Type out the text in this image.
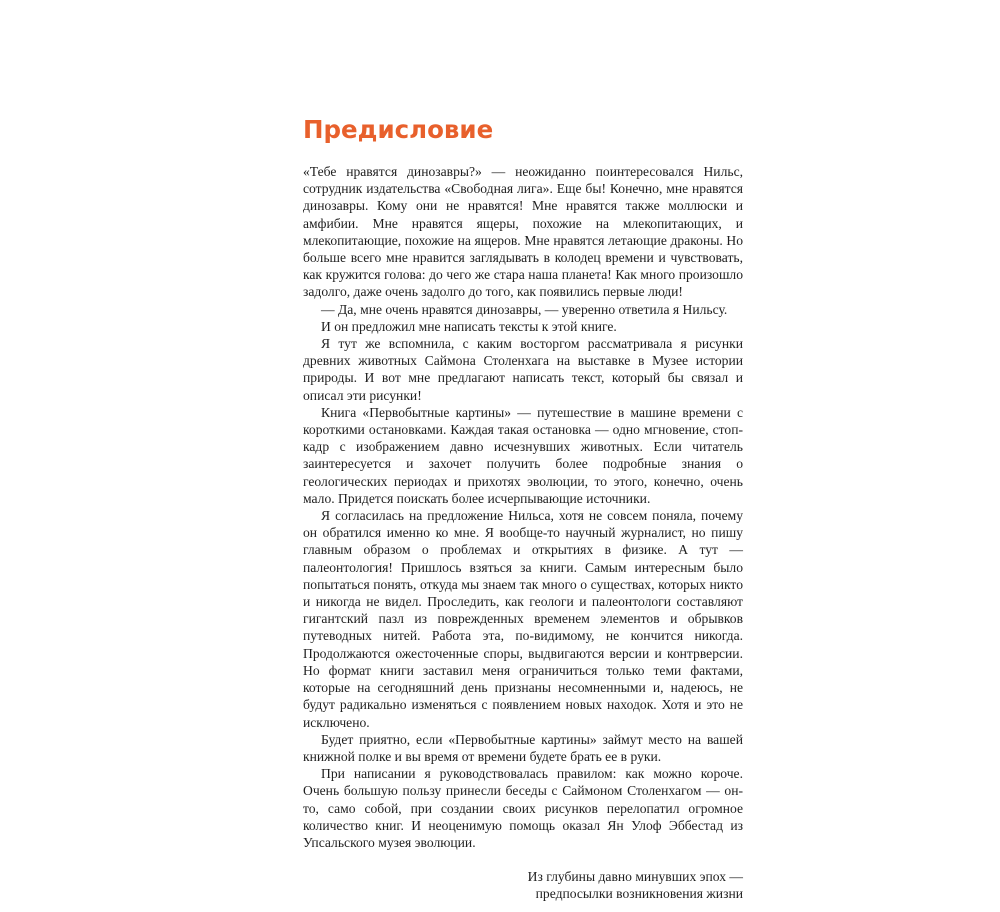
Предисловие

«Тебе нравятся динозавры?» — неожиданно поинтересовался Нильс, сотрудник издательства «Свободная лига». Еще бы! Конечно, мне нравятся динозавры. Кому они не нравятся! Мне нравятся также моллюски и амфибии. Мне нравятся ящеры, похожие на млекопитающих, и млекопитающие, похожие на ящеров. Мне нравятся летающие драконы. Но больше всего мне нравится заглядывать в колодец времени и чувствовать, как кружится голова: до чего же стара наша планета! Как много произошло задолго, даже очень задолго до того, как появились первые люди!

— Да, мне очень нравятся динозавры, — уверенно ответила я Нильсу.

И он предложил мне написать тексты к этой книге.

Я тут же вспомнила, с каким восторгом рассматривала я рисунки древних животных Саймона Столенхага на выставке в Музее истории природы. И вот мне предлагают написать текст, который бы связал и описал эти рисунки!

Книга «Первобытные картины» — путешествие в машине времени с короткими остановками. Каждая такая остановка — одно мгновение, стоп-кадр с изображением давно исчезнувших животных. Если читатель заинтересуется и захочет получить более подробные знания о геологических периодах и прихотях эволюции, то этого, конечно, очень мало. Придется поискать более исчерпывающие источники.

Я согласилась на предложение Нильса, хотя не совсем поняла, почему он обратился именно ко мне. Я вообще-то научный журналист, но пишу главным образом о проблемах и открытиях в физике. А тут — палеонтология! Пришлось взяться за книги. Самым интересным было попытаться понять, откуда мы знаем так много о существах, которых никто и никогда не видел. Проследить, как геологи и палеонтологи составляют гигантский пазл из поврежденных временем элементов и обрывков путеводных нитей. Работа эта, по-видимому, не кончится никогда. Продолжаются ожесточенные споры, выдвигаются версии и контрверсии. Но формат книги заставил меня ограничиться только теми фактами, которые на сегодняшний день признаны несомненными и, надеюсь, не будут радикально изменяться с появлением новых находок. Хотя и это не исключено.

Будет приятно, если «Первобытные картины» займут место на вашей книжной полке и вы время от времени будете брать ее в руки.

При написании я руководствовалась правилом: как можно короче. Очень большую пользу принесли беседы с Саймоном Столенхагом — он-то, само собой, при создании своих рисунков перелопатил огромное количество книг. И неоценимую помощь оказал Ян Улоф Эббестад из Упсальского музея эволюции.

Из глубины давно минувших эпох —
предпосылки возникновения жизни
